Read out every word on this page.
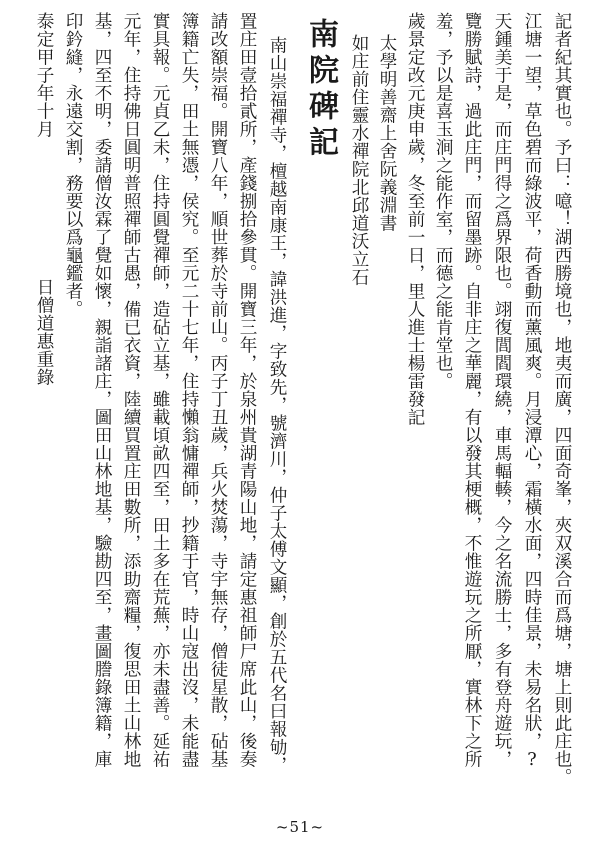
記者紀其實也。予曰：噫！湖西勝境也，地夷而廣，四面奇峯，夾双溪合而爲塘，塘上則此庄也。
江塘一望，草色碧而綠波平，荷香動而薰風爽。月浸潭心，霜橫水面，四時佳景，未易名狀，?
天鍾美于是，而庄門得之爲界限也。翊復閭閻環繞，車馬輻輳，今之名流勝士，多有登舟遊玩，
覽勝賦詩，過此庄門，而留墨跡。自非庄之華麗，有以發其梗概，不惟遊玩之所厭，實林下之所
羞，予以是喜玉涧之能作室，而德之能肯堂也。
歲景定改元庚申歲，冬至前一日，里人進士楊雷發記
太學明善齋上舍阮義淵書
如庄前住靈水禪院北邱道沃立石
南院碑記
南山崇福禪寺，檀越南康王，諱洪進，字致先，號濟川，仲子太傅文顯，創於五代名曰報劬，
置庄田壹拾貳所，產錢捌拾參貫。開寶三年，於泉州貴湖青陽山地，請定惠祖師尸席此山，後奏
請改額崇福。開寶八年，順世葬於寺前山。丙子丁丑歲，兵火焚蕩，寺宇無存，僧徒星散，砧基
簿籍亡失，田土無憑，侯究。至元二十七年，住持懶翁慵禪師，抄籍于官，時山寇出沒，未能盡
實具報。元貞乙未，住持圓覺禪師，造砧立基，雖載頃畝四至，田土多在荒蕪，亦未盡善。延祐
元年，住持佛日圓明普照禪師古愚，備已衣資，陸續買置庄田數所，添助齋糧，復思田土山林地
基，四至不明，委請僧汝霖了覺如懷，親詣諸庄，圖田山林地基，驗勘四至，畫圖謄錄簿籍，庫
印鈐縫，永遠交割，務要以爲龜鑑者。
泰定甲子年十月
日僧道惠重錄
~51~
